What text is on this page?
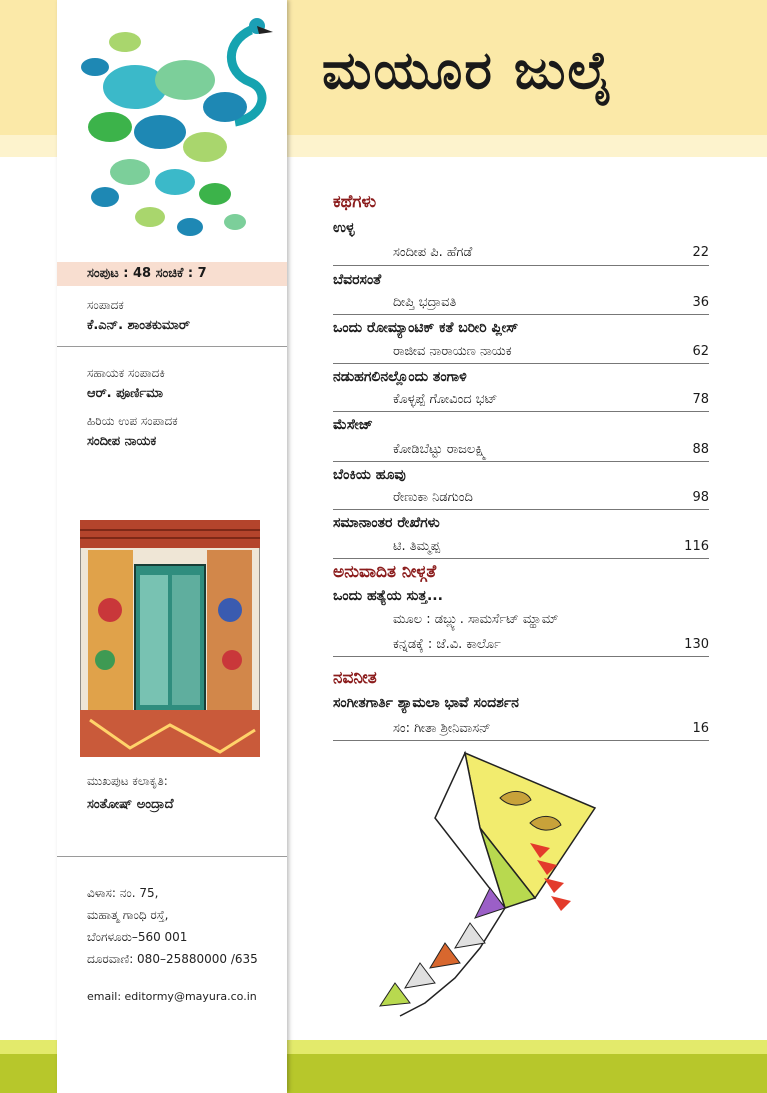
ಮಯೂರ ಜುಲೈ
ಸಂಪುಟ : 48 ಸಂಚಿಕೆ : 7
ಸಂಪಾದಕ
ಕೆ.ಎನ್. ಶಾಂತಕುಮಾರ್
ಸಹಾಯಕ ಸಂಪಾದಕಿ
ಆರ್. ಪೂರ್ಣಿಮಾ
ಹಿರಿಯ ಉಪ ಸಂಪಾದಕ
ಸಂದೀಪ ನಾಯಕ
ಮುಖಪುಟ ಕಲಾಕೃತಿ:
ಸಂತೋಷ್ ಅಂದ್ರಾದೆ
ವಿಳಾಸ: ನಂ. 75,
ಮಹಾತ್ಮ ಗಾಂಧಿ ರಸ್ತೆ,
ಬೆಂಗಳೂರು–560 001
ದೂರವಾಣಿ: 080–25880000 /635
email: editormy@mayura.co.in
ಕಥೆಗಳು
ಉಳ್ಳ
ಸಂದೀಪ ಪಿ. ಹೆಗಡೆ	22
ಬೆವರಸಂತೆ
ದೀಪ್ತಿ ಭದ್ರಾವತಿ	36
ಒಂದು ರೋಮ್ಯಾಂಟಿಕ್ ಕತೆ ಬರೀರಿ ಪ್ಲೀಸ್
ರಾಜೀವ ನಾರಾಯಣ ನಾಯಕ	62
ನಡುಹಗಲಿನಲ್ಲೊಂದು ತಂಗಾಳಿ
ಕೊಳ್ಳಪ್ಪೆ ಗೋವಿಂದ ಭಟ್	78
ಮೆಸೇಜ್
ಕೋಡಿಬೆಟ್ಟು ರಾಜಲಕ್ಷ್ಮಿ	88
ಬೆಂಕಿಯ ಹೂವು
ರೇಣುಕಾ ನಿಡಗುಂದಿ	98
ಸಮಾನಾಂತರ ರೇಖೆಗಳು
ಟಿ. ತಿಮ್ಮಪ್ಪ	116
ಅನುವಾದಿತ ನೀಳ್ಗತೆ
ಒಂದು ಹತ್ಯೆಯ ಸುತ್ತ...
ಮೂಲ : ಡಬ್ಲ್ಯು. ಸಾಮರ್ಸೆಟ್ ಮ್ಹಾಮ್
ಕನ್ನಡಕ್ಕೆ : ಜೆ.ವಿ. ಕಾರ್ಲೊ	130
ನವನೀತ
ಸಂಗೀತಗಾರ್ತಿ ಶ್ಯಾಮಲಾ ಭಾವೆ ಸಂದರ್ಶನ
ಸಂ: ಗೀತಾ ಶ್ರೀನಿವಾಸನ್	16
